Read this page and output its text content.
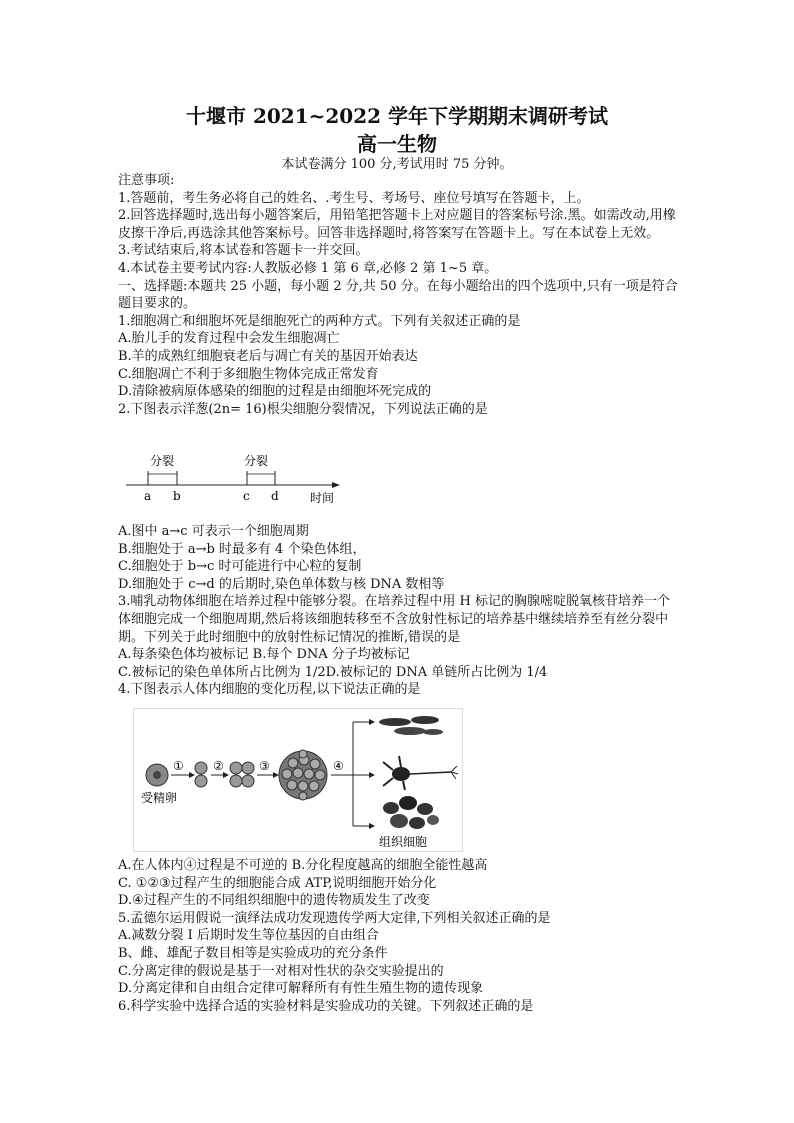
十堰市 2021~2022 学年下学期期末调研考试
高一生物
本试卷满分 100 分,考试用时 75 分钟。
注意事项:
1.答题前，考生务必将自己的姓名、.考生号、考场号、座位号填写在答题卡，上。
2.回答选择题时,选出每小题答案后，用铅笔把答题卡上对应题目的答案标号涂.黑。如需改动,用橡皮擦干净后,再选涂其他答案标号。回答非选择题时,将答案写在答题卡上。写在本试卷上无效。
3.考试结束后,将本试卷和答题卡一并交回。
4.本试卷主要考试内容:人教版必修 1 第 6 章,必修 2 第 1~5 章。
一、选择题:本题共 25 小题，每小题 2 分,共 50 分。在每小题给出的四个选项中,只有一项是符合题目要求的。
1.细胞凋亡和细胞坏死是细胞死亡的两种方式。下列有关叙述正确的是
A.胎儿手的发育过程中会发生细胞凋亡
B.羊的成熟红细胞衰老后与凋亡有关的基因开始表达
C.细胞凋亡不利于多细胞生物体完成正常发育
D.清除被病原体感染的细胞的过程是由细胞坏死完成的
2.下图表示洋葱(2n= 16)根尖细胞分裂情况，下列说法正确的是
分裂	分裂
a b	c d	时间
A.图中 a→c 可表示一个细胞周期
B.细胞处于 a→b 时最多有 4 个染色体组，
C.细胞处于 b→c 时可能进行中心粒的复制
D.细胞处于 c→d 的后期时,染色单体数与核 DNA 数相等
3.哺乳动物体细胞在培养过程中能够分裂。在培养过程中用 H 标记的胸腺嘧啶脱氧核苷培养一个体细胞完成一个细胞周期,然后将该细胞转移至不含放射性标记的培养基中继续培养至有丝分裂中期。下列关于此时细胞中的放射性标记情况的推断,错误的是
A.每条染色体均被标记 B.每个 DNA 分子均被标记
C.被标记的染色单体所占比例为 1/2D.被标记的 DNA 单链所占比例为 1/4
4.下图表示人体内细胞的变化历程,以下说法正确的是
受精卵
① ②	③	④
组织细胞
A.在人体内④过程是不可逆的 B.分化程度越高的细胞全能性越高
C. ①②③过程产生的细胞能合成 ATP,说明细胞开始分化
D.④过程产生的不同组织细胞中的遗传物质发生了改变
5.孟德尔运用假说一演绎法成功发现遗传学两大定律,下列相关叙述正确的是
A.减数分裂 I 后期时发生等位基因的自由组合
B、雌、雄配子数目相等是实验成功的充分条件
C.分离定律的假说是基于一对相对性状的杂交实验提出的
D.分离定律和自由组合定律可解释所有有性生殖生物的遗传现象
6.科学实验中选择合适的实验材料是实验成功的关键。下列叙述正确的是
